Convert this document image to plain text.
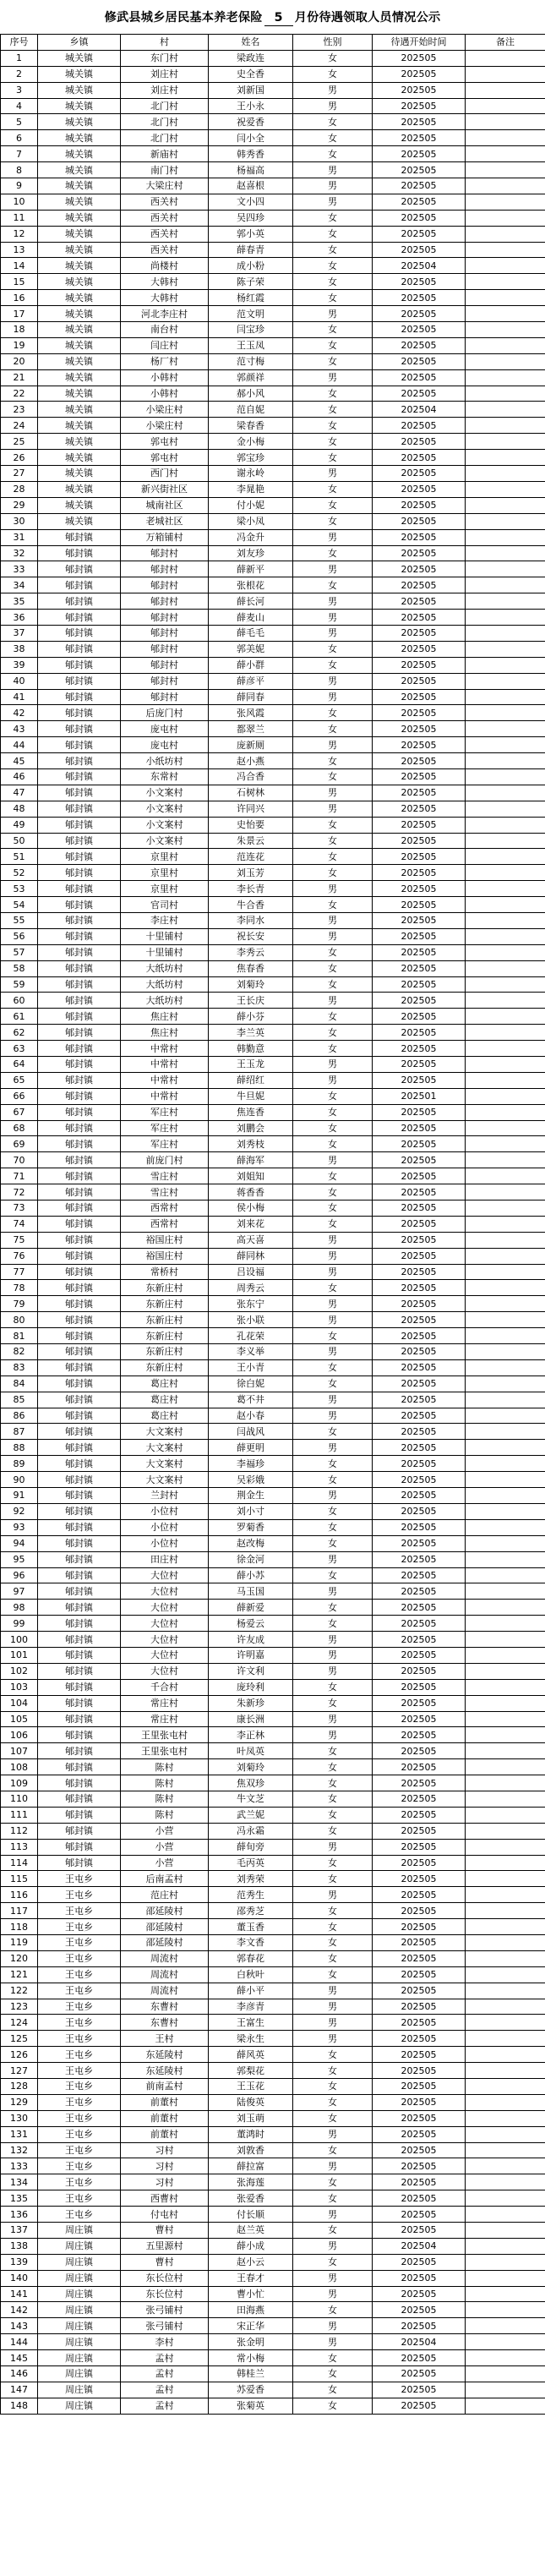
修武县城乡居民基本养老保险 5 月份待遇领取人员情况公示
序号	乡镇	村	姓名	性别	待遇开始时间	备注
1	城关镇	东门村	梁政连	女	202505	
2	城关镇	刘庄村	史全香	女	202505	
3	城关镇	刘庄村	刘新国	男	202505	
4	城关镇	北门村	王小永	男	202505	
5	城关镇	北门村	祝爱香	女	202505	
6	城关镇	北门村	闫小全	女	202505	
7	城关镇	新庙村	韩秀香	女	202505	
8	城关镇	南门村	杨福高	男	202505	
9	城关镇	大梁庄村	赵喜根	男	202505	
10	城关镇	西关村	文小四	男	202505	
11	城关镇	西关村	吴四珍	女	202505	
12	城关镇	西关村	郭小英	女	202505	
13	城关镇	西关村	薛春青	女	202505	
14	城关镇	尚楼村	成小粉	女	202504	
15	城关镇	大韩村	陈子荣	女	202505	
16	城关镇	大韩村	杨红霞	女	202505	
17	城关镇	河北李庄村	范文明	男	202505	
18	城关镇	南台村	闫宝珍	女	202505	
19	城关镇	闫庄村	王玉凤	女	202505	
20	城关镇	杨厂村	范寸梅	女	202505	
21	城关镇	小韩村	郭颜祥	男	202505	
22	城关镇	小韩村	郝小风	女	202505	
23	城关镇	小梁庄村	范自妮	女	202504	
24	城关镇	小梁庄村	梁春香	女	202505	
25	城关镇	郭屯村	金小梅	女	202505	
26	城关镇	郭屯村	郭宝珍	女	202505	
27	城关镇	西门村	谢永岭	男	202505	
28	城关镇	新兴街社区	李晁艳	女	202505	
29	城关镇	城南社区	付小妮	女	202505	
30	城关镇	老城社区	梁小凤	女	202505	
31	郇封镇	万箱铺村	冯金升	男	202505	
32	郇封镇	郇封村	刘友珍	女	202505	
33	郇封镇	郇封村	薛新平	男	202505	
34	郇封镇	郇封村	张根花	女	202505	
35	郇封镇	郇封村	薛长河	男	202505	
36	郇封镇	郇封村	薛麦山	男	202505	
37	郇封镇	郇封村	薛毛毛	男	202505	
38	郇封镇	郇封村	郭美妮	女	202505	
39	郇封镇	郇封村	薛小群	女	202505	
40	郇封镇	郇封村	薛彦平	男	202505	
41	郇封镇	郇封村	薛同春	男	202505	
42	郇封镇	后庞门村	张风霞	女	202505	
43	郇封镇	庞屯村	都翠兰	女	202505	
44	郇封镇	庞屯村	庞新厕	男	202505	
45	郇封镇	小纸坊村	赵小燕	女	202505	
46	郇封镇	东常村	冯合香	女	202505	
47	郇封镇	小文案村	石树林	男	202505	
48	郇封镇	小文案村	许同兴	男	202505	
49	郇封镇	小文案村	史怡要	女	202505	
50	郇封镇	小文案村	朱景云	女	202505	
51	郇封镇	京里村	范连花	女	202505	
52	郇封镇	京里村	刘玉芳	女	202505	
53	郇封镇	京里村	李长青	男	202505	
54	郇封镇	官司村	牛合香	女	202505	
55	郇封镇	李庄村	李同水	男	202505	
56	郇封镇	十里铺村	祝长安	男	202505	
57	郇封镇	十里铺村	李秀云	女	202505	
58	郇封镇	大纸坊村	焦春香	女	202505	
59	郇封镇	大纸坊村	刘菊玲	女	202505	
60	郇封镇	大纸坊村	王长庆	男	202505	
61	郇封镇	焦庄村	薛小芬	女	202505	
62	郇封镇	焦庄村	李兰英	女	202505	
63	郇封镇	中常村	韩勤意	女	202505	
64	郇封镇	中常村	王玉龙	男	202505	
65	郇封镇	中常村	薛绍红	男	202505	
66	郇封镇	中常村	牛旦妮	女	202501	
67	郇封镇	军庄村	焦连香	女	202505	
68	郇封镇	军庄村	刘鹏会	女	202505	
69	郇封镇	军庄村	刘秀枝	女	202505	
70	郇封镇	前庞门村	薛海军	男	202505	
71	郇封镇	雪庄村	刘姐知	女	202505	
72	郇封镇	雪庄村	蒋香香	女	202505	
73	郇封镇	西常村	侯小梅	女	202505	
74	郇封镇	西常村	刘来花	女	202505	
75	郇封镇	裕国庄村	高天喜	男	202505	
76	郇封镇	裕国庄村	薛同林	男	202505	
77	郇封镇	常桥村	吕设福	男	202505	
78	郇封镇	东新庄村	周秀云	女	202505	
79	郇封镇	东新庄村	张东宁	男	202505	
80	郇封镇	东新庄村	张小联	男	202505	
81	郇封镇	东新庄村	孔花荣	女	202505	
82	郇封镇	东新庄村	李义举	男	202505	
83	郇封镇	东新庄村	王小青	女	202505	
84	郇封镇	葛庄村	徐白妮	女	202505	
85	郇封镇	葛庄村	葛不井	男	202505	
86	郇封镇	葛庄村	赵小春	男	202505	
87	郇封镇	大文案村	闫战风	女	202505	
88	郇封镇	大文案村	薛更明	男	202505	
89	郇封镇	大文案村	李福珍	女	202505	
90	郇封镇	大文案村	吴彩娥	女	202505	
91	郇封镇	兰封村	荆金生	男	202505	
92	郇封镇	小位村	刘小寸	女	202505	
93	郇封镇	小位村	罗菊香	女	202505	
94	郇封镇	小位村	赵改梅	女	202505	
95	郇封镇	田庄村	徐金河	男	202505	
96	郇封镇	大位村	薛小苏	女	202505	
97	郇封镇	大位村	马玉国	男	202505	
98	郇封镇	大位村	薛新爱	女	202505	
99	郇封镇	大位村	杨爱云	女	202505	
100	郇封镇	大位村	许友成	男	202505	
101	郇封镇	大位村	许明嘉	男	202505	
102	郇封镇	大位村	许文利	男	202505	
103	郇封镇	千合村	庞玲利	女	202505	
104	郇封镇	常庄村	朱新珍	女	202505	
105	郇封镇	常庄村	康长洲	男	202505	
106	郇封镇	王里张屯村	李正林	男	202505	
107	郇封镇	王里张屯村	叶凤英	女	202505	
108	郇封镇	陈村	刘菊玲	女	202505	
109	郇封镇	陈村	焦双珍	女	202505	
110	郇封镇	陈村	牛文芝	女	202505	
111	郇封镇	陈村	武兰妮	女	202505	
112	郇封镇	小营	冯永霜	女	202505	
113	郇封镇	小营	薛旬旁	男	202505	
114	郇封镇	小营	毛丙英	女	202505	
115	王屯乡	后南孟村	刘秀荣	女	202505	
116	王屯乡	范庄村	范秀生	男	202505	
117	王屯乡	邵延陵村	邵秀芝	女	202505	
118	王屯乡	邵延陵村	董玉香	女	202505	
119	王屯乡	邵延陵村	李文香	女	202505	
120	王屯乡	周流村	郭春花	女	202505	
121	王屯乡	周流村	白秋叶	女	202505	
122	王屯乡	周流村	薛小平	男	202505	
123	王屯乡	东曹村	李彦青	男	202505	
124	王屯乡	东曹村	王富生	男	202505	
125	王屯乡	王村	梁永生	男	202505	
126	王屯乡	东延陵村	薛风英	女	202505	
127	王屯乡	东延陵村	郭梨花	女	202505	
128	王屯乡	前南孟村	王玉花	女	202505	
129	王屯乡	前董村	陆俊英	女	202505	
130	王屯乡	前董村	刘玉萌	女	202505	
131	王屯乡	前董村	董鸿时	男	202505	
132	王屯乡	习村	刘敦香	女	202505	
133	王屯乡	习村	薛拉富	男	202505	
134	王屯乡	习村	张海莲	女	202505	
135	王屯乡	西曹村	张爱香	女	202505	
136	王屯乡	付屯村	付长顺	男	202505	
137	周庄镇	曹村	赵兰英	女	202505	
138	周庄镇	五里源村	薛小成	男	202504	
139	周庄镇	曹村	赵小云	女	202505	
140	周庄镇	东长位村	王春才	男	202505	
141	周庄镇	东长位村	曹小忙	男	202505	
142	周庄镇	张弓铺村	田海燕	女	202505	
143	周庄镇	张弓铺村	宋正华	男	202505	
144	周庄镇	李村	张金明	男	202504	
145	周庄镇	孟村	常小梅	女	202505	
146	周庄镇	孟村	韩桂兰	女	202505	
147	周庄镇	孟村	苏爱香	女	202505	
148	周庄镇	孟村	张菊英	女	202505	
